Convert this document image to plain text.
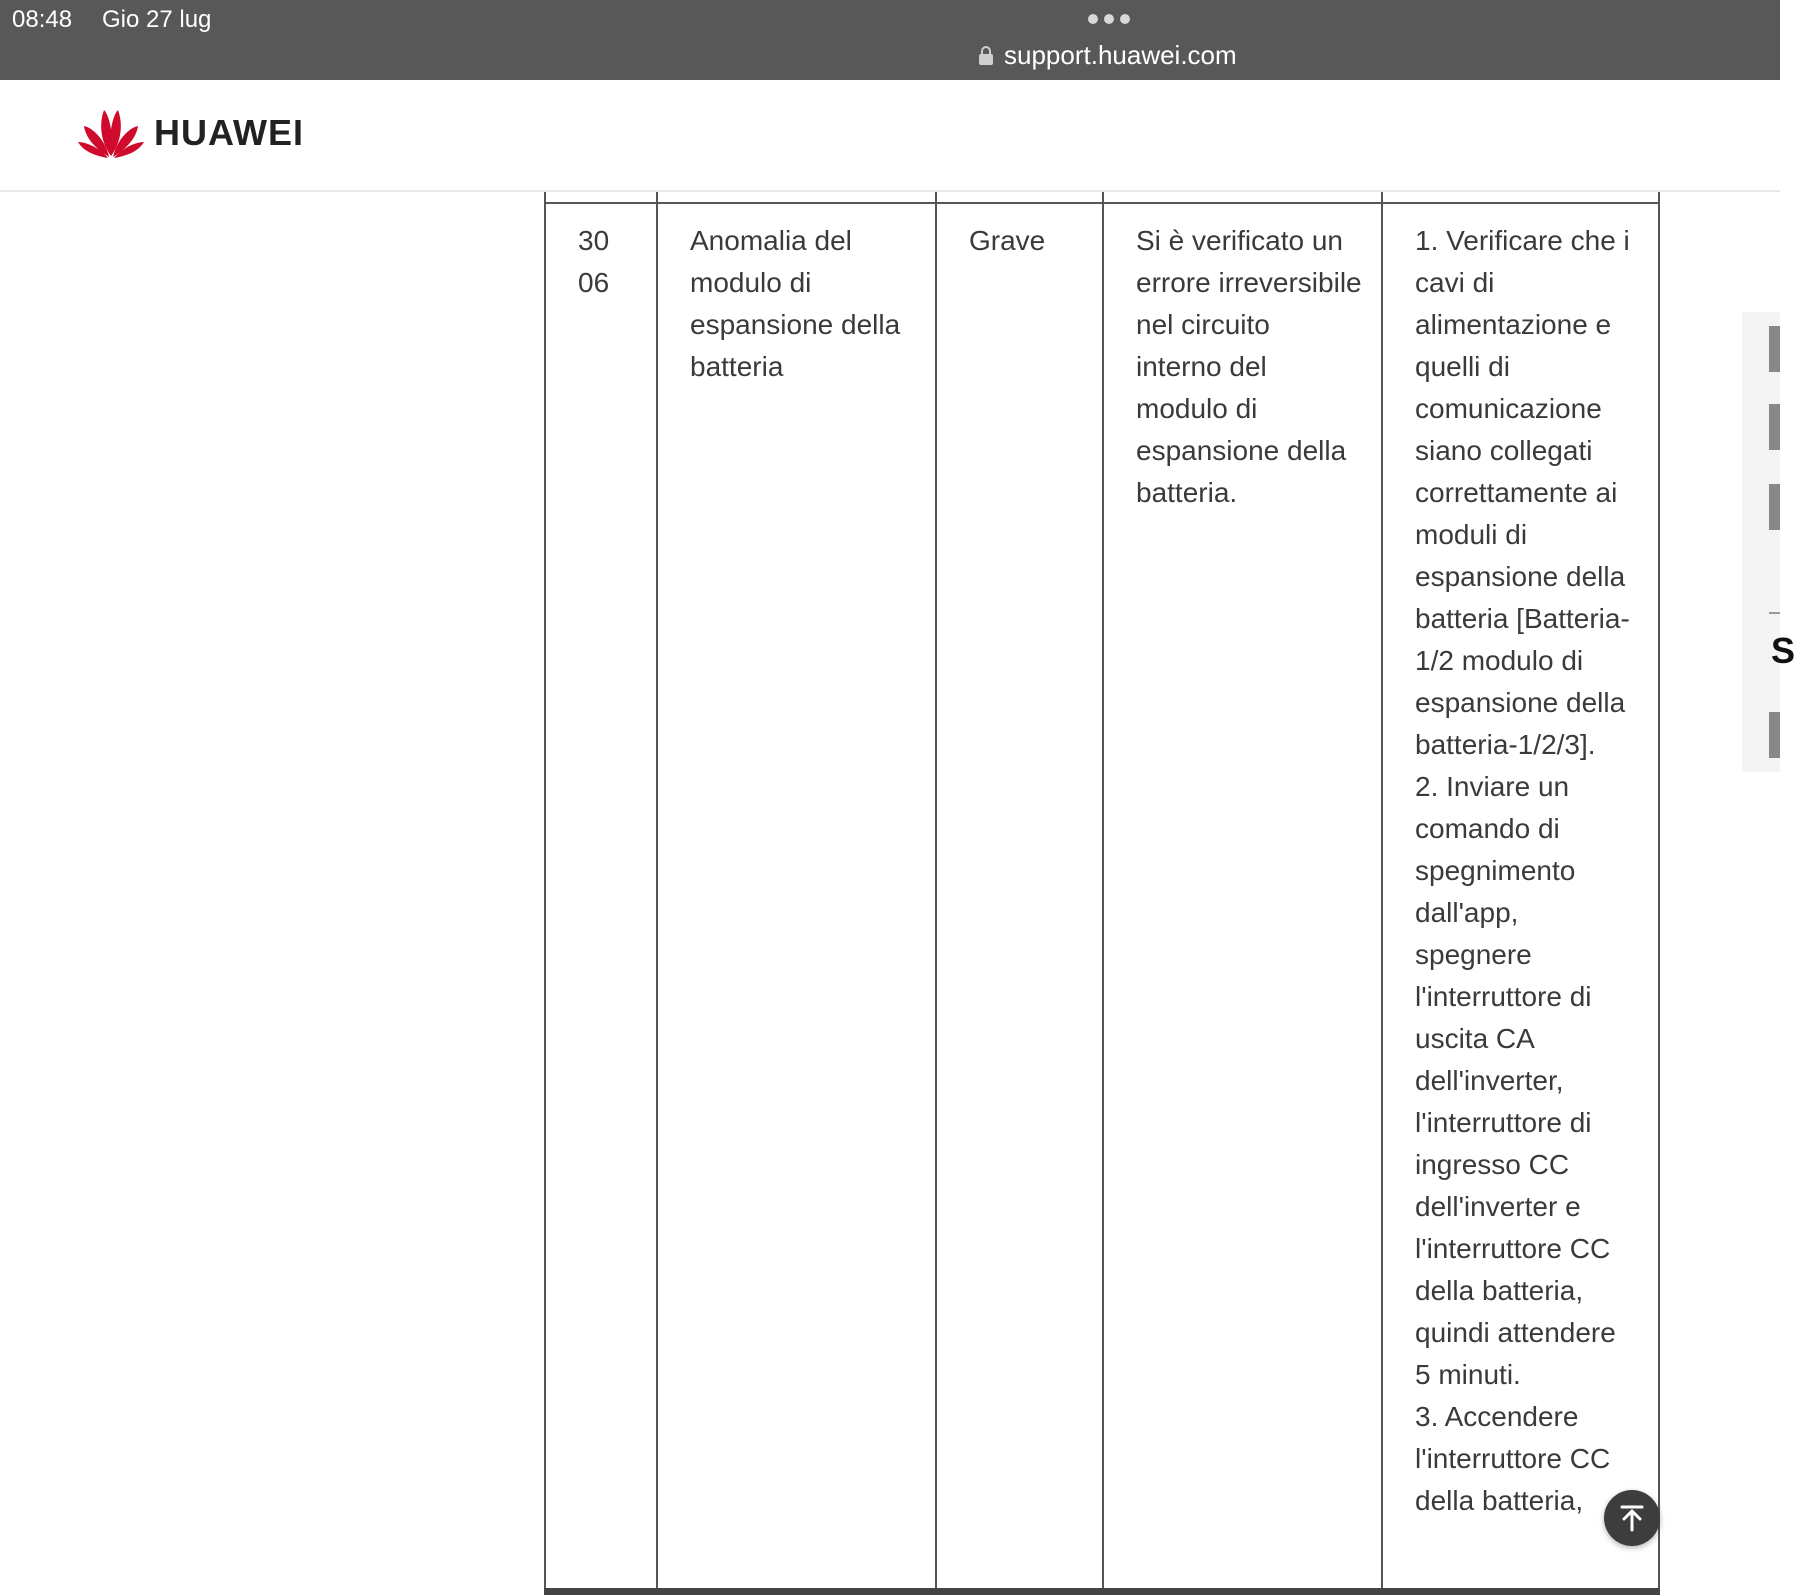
08:48 Gio 27 lug
support.huawei.com
HUAWEI

30

06

Anomalia del modulo di espansione della batteria
Grave	Si è verificato un errore irreversibile nel circuito interno del modulo di espansione della batteria.

1. Verificare che i cavi di alimentazione e quelli di comunicazione siano collegati correttamente ai moduli di espansione della batteria [Batteria-1/2 modulo di espansione della batteria-1/2/3].

2. Inviare un comando di spegnimento dall'app, spegnere l'interruttore di uscita CA dell'inverter, l'interruttore di ingresso CC dell'inverter e l'interruttore CC della batteria, quindi attendere 5 minuti.

3. Accendere l'interruttore CC della batteria,

S
